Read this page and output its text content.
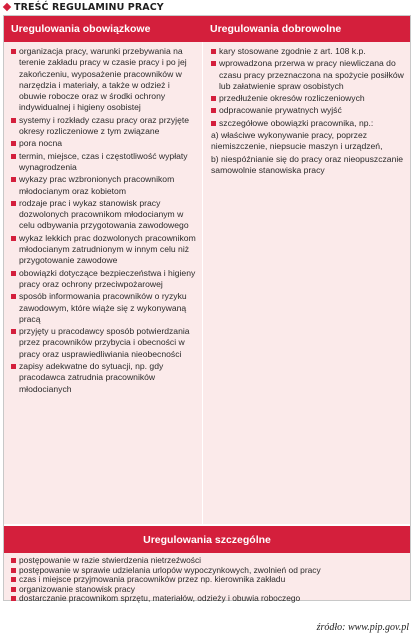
TREŚĆ REGULAMINU PRACY
Uregulowania obowiązkowe	Uregulowania dobrowolne
organizacja pracy, warunki przebywania na terenie zakładu pracy w czasie pracy i po jej zakończeniu, wyposażenie pracowników w narzędzia i materiały, a także w odzież i obuwie robocze oraz w środki ochrony indywidualnej i higieny osobistej
systemy i rozkłady czasu pracy oraz przyjęte okresy rozliczeniowe z tym związane
pora nocna
termin, miejsce, czas i częstotliwość wypłaty wynagrodzenia
wykazy prac wzbronionych pracownikom młodocianym oraz kobietom
rodzaje prac i wykaz stanowisk pracy dozwolonych pracownikom młodocianym w celu odbywania przygotowania zawodowego
wykaz lekkich prac dozwolonych pracownikom młodocianym zatrudnionym w innym celu niż przygotowanie zawodowe
obowiązki dotyczące bezpieczeństwa i higieny pracy oraz ochrony przeciwpożarowej
sposób informowania pracowników o ryzyku zawodowym, które wiąże się z wykonywaną pracą
przyjęty u pracodawcy sposób potwierdzania przez pracowników przybycia i obecności w pracy oraz usprawiedliwiania nieobecności
zapisy adekwatne do sytuacji, np. gdy pracodawca zatrudnia pracowników młodocianych
kary stosowane zgodnie z art. 108 k.p.
wprowadzona przerwa w pracy niewliczana do czasu pracy przeznaczona na spożycie posiłków lub załatwienie spraw osobistych
przedłużenie okresów rozliczeniowych
odpracowanie prywatnych wyjść
szczegółowe obowiązki pracownika, np.:
a) właściwe wykonywanie pracy, poprzez niemiszczenie, niepsucie maszyn i urządzeń,
b) niespóźnianie się do pracy oraz nieopuszczanie samowolnie stanowiska pracy
Uregulowania szczególne
postępowanie w razie stwierdzenia nietrzeźwości
postępowanie w sprawie udzielania urlopów wypoczynkowych, zwolnień od pracy
czas i miejsce przyjmowania pracowników przez np. kierownika zakładu
organizowanie stanowisk pracy
dostarczanie pracownikom sprzętu, materiałów, odzieży i obuwia roboczego
źródło: www.pip.gov.pl
